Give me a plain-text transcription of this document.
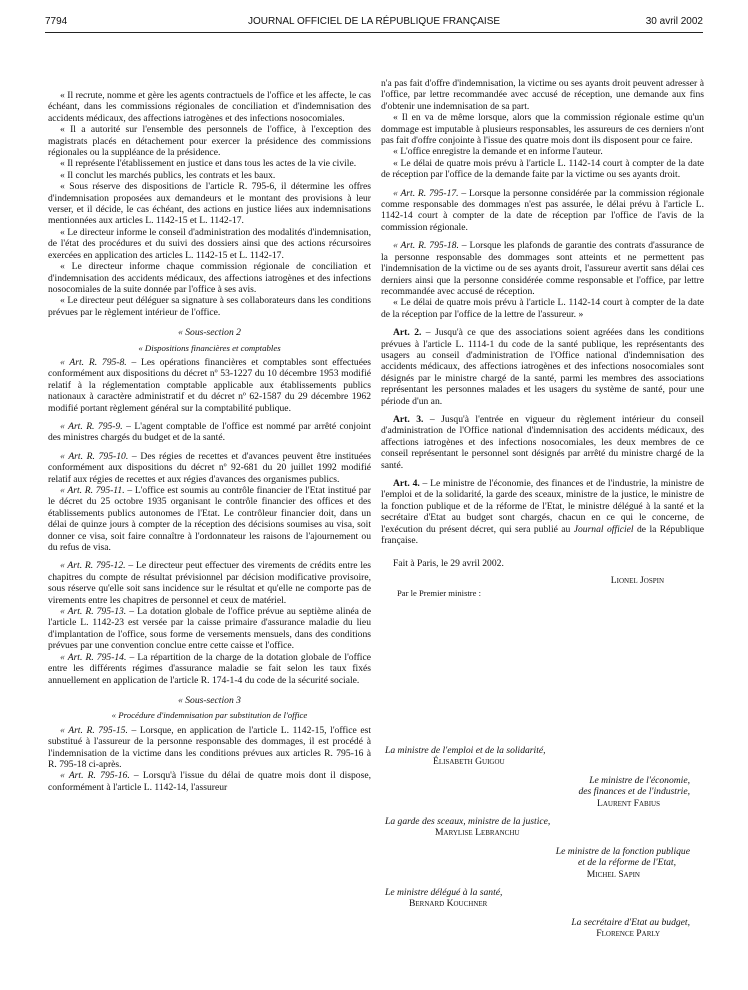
7794	JOURNAL OFFICIEL DE LA RÉPUBLIQUE FRANÇAISE	30 avril 2002

« Il recrute, nomme et gère les agents contractuels de l'office et les affecte, le cas échéant, dans les commissions régionales de conciliation et d'indemnisation des accidents médicaux, des affections iatrogènes et des infections nosocomiales.

« Il a autorité sur l'ensemble des personnels de l'office, à l'exception des magistrats placés en détachement pour exercer la présidence des commissions régionales ou la suppléance de la présidence.

« Il représente l'établissement en justice et dans tous les actes de la vie civile.

« Il conclut les marchés publics, les contrats et les baux.

« Sous réserve des dispositions de l'article R. 795-6, il détermine les offres d'indemnisation proposées aux demandeurs et le montant des provisions à leur verser, et il décide, le cas échéant, des actions en justice liées aux indemnisations mentionnées aux articles L. 1142-15 et L. 1142-17.

« Le directeur informe le conseil d'administration des modalités d'indemnisation, de l'état des procédures et du suivi des dossiers ainsi que des actions récursoires exercées en application des articles L. 1142-15 et L. 1142-17.

« Le directeur informe chaque commission régionale de conciliation et d'indemnisation des accidents médicaux, des affections iatrogènes et des infections nosocomiales de la suite donnée par l'office à ses avis.

« Le directeur peut déléguer sa signature à ses collaborateurs dans les conditions prévues par le règlement intérieur de l'office.

« Sous-section 2

« Dispositions financières et comptables

« Art. R. 795-8. – Les opérations financières et comptables sont effectuées conformément aux dispositions du décret nº 53-1227 du 10 décembre 1953 modifié relatif à la réglementation comptable applicable aux établissements publics nationaux à caractère administratif et du décret nº 62-1587 du 29 décembre 1962 modifié portant règlement général sur la comptabilité publique.

« Art. R. 795-9. – L'agent comptable de l'office est nommé par arrêté conjoint des ministres chargés du budget et de la santé.

« Art. R. 795-10. – Des régies de recettes et d'avances peuvent être instituées conformément aux dispositions du décret nº 92-681 du 20 juillet 1992 modifié relatif aux régies de recettes et aux régies d'avances des organismes publics.

« Art. R. 795-11. – L'office est soumis au contrôle financier de l'Etat institué par le décret du 25 octobre 1935 organisant le contrôle financier des offices et des établissements publics autonomes de l'Etat. Le contrôleur financier doit, dans un délai de quinze jours à compter de la réception des décisions soumises au visa, soit donner ce visa, soit faire connaître à l'ordonnateur les raisons de l'ajournement ou du refus de visa.

« Art. R. 795-12. – Le directeur peut effectuer des virements de crédits entre les chapitres du compte de résultat prévisionnel par décision modificative provisoire, sous réserve qu'elle soit sans incidence sur le résultat et qu'elle ne comporte pas de virements entre les chapitres de personnel et ceux de matériel.

« Art. R. 795-13. – La dotation globale de l'office prévue au septième alinéa de l'article L. 1142-23 est versée par la caisse primaire d'assurance maladie du lieu d'implantation de l'office, sous forme de versements mensuels, dans des conditions prévues par une convention conclue entre cette caisse et l'office.

« Art. R. 795-14. – La répartition de la charge de la dotation globale de l'office entre les différents régimes d'assurance maladie se fait selon les taux fixés annuellement en application de l'article R. 174-1-4 du code de la sécurité sociale.

« Sous-section 3

« Procédure d'indemnisation par substitution de l'office

« Art. R. 795-15. – Lorsque, en application de l'article L. 1142-15, l'office est substitué à l'assureur de la personne responsable des dommages, il est procédé à l'indemnisation de la victime dans les conditions prévues aux articles R. 795-16 à R. 795-18 ci-après.

« Art. R. 795-16. – Lorsqu'à l'issue du délai de quatre mois dont il dispose, conformément à l'article L. 1142-14, l'assureur

n'a pas fait d'offre d'indemnisation, la victime ou ses ayants droit peuvent adresser à l'office, par lettre recommandée avec accusé de réception, une demande aux fins d'obtenir une indemnisation de sa part.

« Il en va de même lorsque, alors que la commission régionale estime qu'un dommage est imputable à plusieurs responsables, les assureurs de ces derniers n'ont pas fait d'offre conjointe à l'issue des quatre mois dont ils disposent pour ce faire.

« L'office enregistre la demande et en informe l'auteur.

« Le délai de quatre mois prévu à l'article L. 1142-14 court à compter de la date de réception par l'office de la demande faite par la victime ou ses ayants droit.

« Art. R. 795-17. – Lorsque la personne considérée par la commission régionale comme responsable des dommages n'est pas assurée, le délai prévu à l'article L. 1142-14 court à compter de la date de réception par l'office de l'avis de la commission régionale.

« Art. R. 795-18. – Lorsque les plafonds de garantie des contrats d'assurance de la personne responsable des dommages sont atteints et ne permettent pas l'indemnisation de la victime ou de ses ayants droit, l'assureur avertit sans délai ces derniers ainsi que la personne considérée comme responsable et l'office, par lettre recommandée avec accusé de réception.

« Le délai de quatre mois prévu à l'article L. 1142-14 court à compter de la date de la réception par l'office de la lettre de l'assureur. »

Art. 2. – Jusqu'à ce que des associations soient agréées dans les conditions prévues à l'article L. 1114-1 du code de la santé publique, les représentants des usagers au conseil d'administration de l'Office national d'indemnisation des accidents médicaux, des affections iatrogènes et des infections nosocomiales sont désignés par le ministre chargé de la santé, parmi les membres des associations représentant les personnes malades et les usagers du système de santé, pour une période d'un an.

Art. 3. – Jusqu'à l'entrée en vigueur du règlement intérieur du conseil d'administration de l'Office national d'indemnisation des accidents médicaux, des affections iatrogènes et des infections nosocomiales, les deux membres de ce conseil représentant le personnel sont désignés par arrêté du ministre chargé de la santé.

Art. 4. – Le ministre de l'économie, des finances et de l'industrie, la ministre de l'emploi et de la solidarité, la garde des sceaux, ministre de la justice, le ministre de la fonction publique et de la réforme de l'Etat, le ministre délégué à la santé et la secrétaire d'Etat au budget sont chargés, chacun en ce qui le concerne, de l'exécution du présent décret, qui sera publié au Journal officiel de la République française.

Fait à Paris, le 29 avril 2002.
Lionel Jospin
Par le Premier ministre :
La ministre de l'emploi et de la solidarité,
Élisabeth Guigou
Le ministre de l'économie,
des finances et de l'industrie,
Laurent Fabius
La garde des sceaux, ministre de la justice,
Marylise Lebranchu
Le ministre de la fonction publique
et de la réforme de l'Etat,
Michel Sapin
Le ministre délégué à la santé,
Bernard Kouchner
La secrétaire d'Etat au budget,
Florence Parly
